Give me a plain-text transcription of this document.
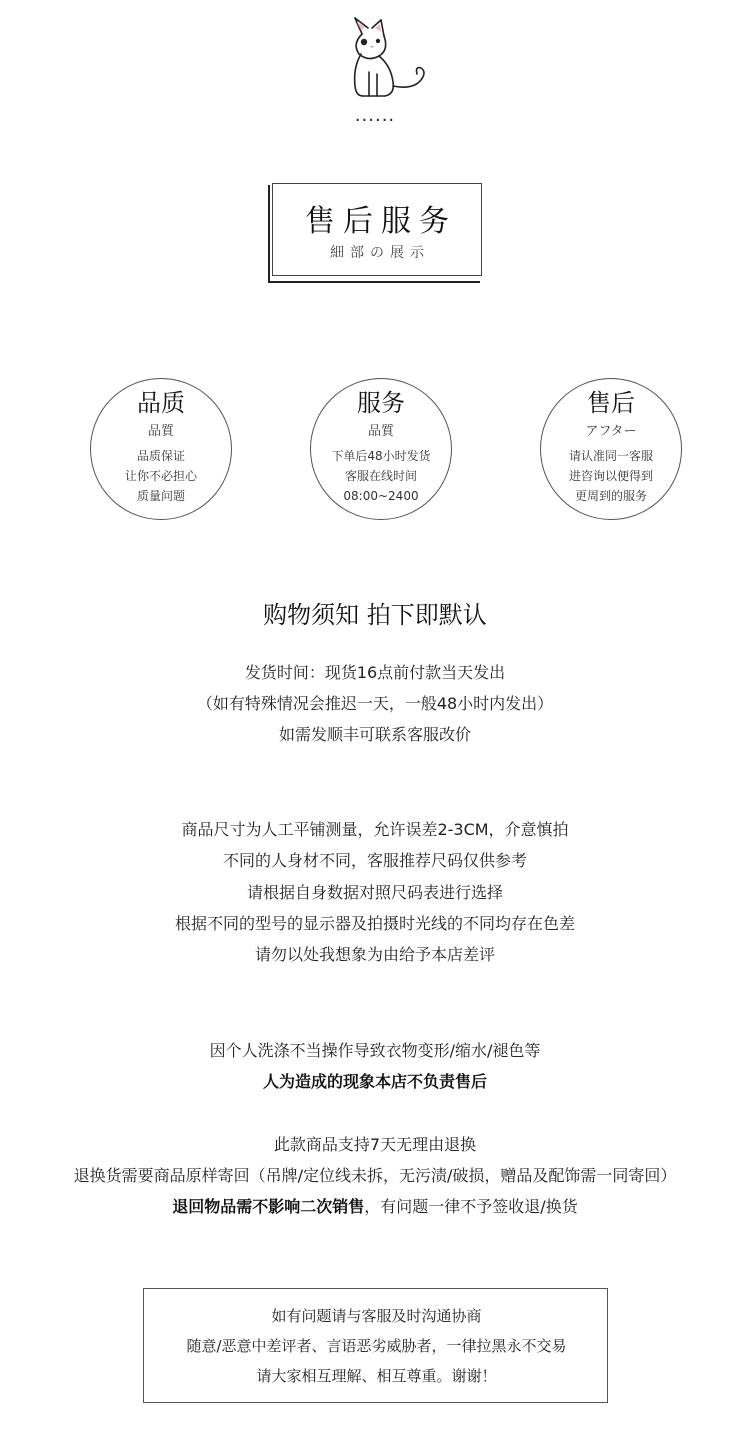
······
售后服务
細部の展示
品质
品質
品质保证
让你不必担心
质量问题
服务
品質
下单后48小时发货
客服在线时间
08:00~2400
售后
アフター
请认准同一客服
进咨询以便得到
更周到的服务
购物须知 拍下即默认
发货时间：现货16点前付款当天发出
（如有特殊情况会推迟一天，一般48小时内发出）
如需发顺丰可联系客服改价
商品尺寸为人工平铺测量，允许误差2-3CM，介意慎拍
不同的人身材不同，客服推荐尺码仅供参考
请根据自身数据对照尺码表进行选择
根据不同的型号的显示器及拍摄时光线的不同均存在色差
请勿以处我想象为由给予本店差评
因个人洗涤不当操作导致衣物变形/缩水/褪色等
人为造成的现象本店不负责售后
此款商品支持7天无理由退换
退换货需要商品原样寄回（吊牌/定位线未拆，无污渍/破损，赠品及配饰需一同寄回）
退回物品需不影响二次销售，有问题一律不予签收退/换货
如有问题请与客服及时沟通协商
随意/恶意中差评者、言语恶劣威胁者，一律拉黑永不交易
请大家相互理解、相互尊重。谢谢！
